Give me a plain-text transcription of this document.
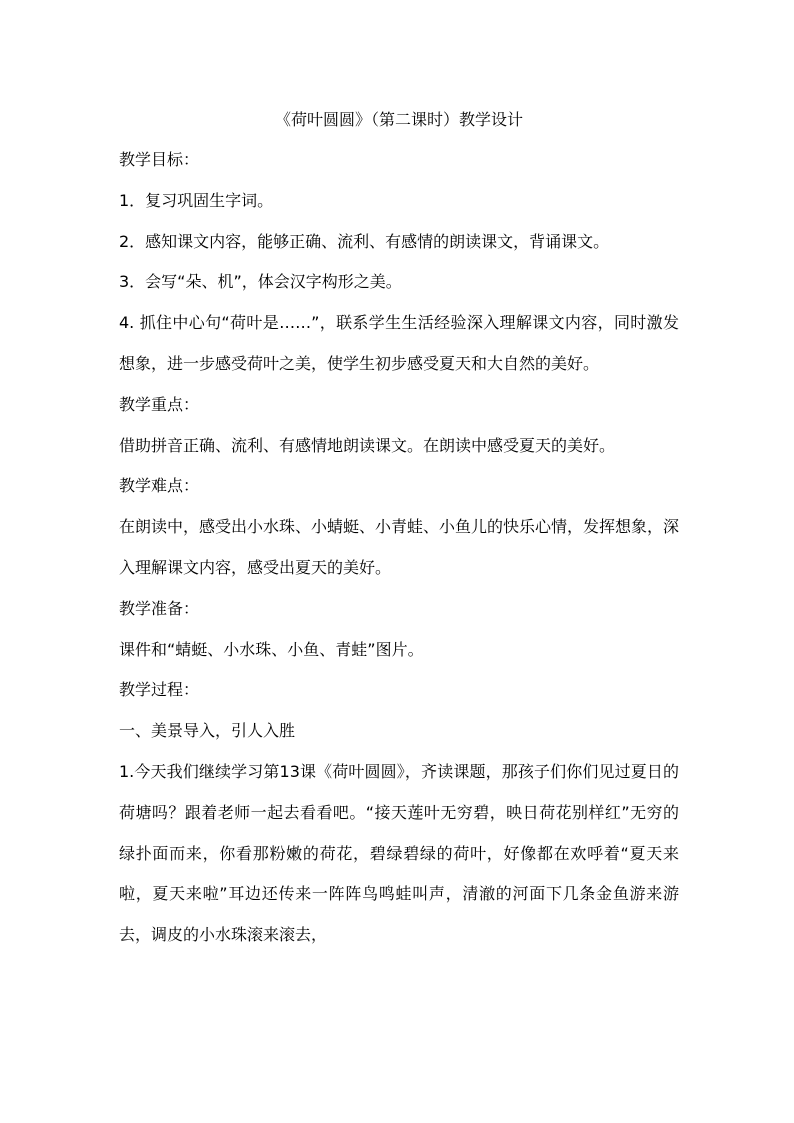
《荷叶圆圆》（第二课时）教学设计

教学目标：

1．复习巩固生字词。

2．感知课文内容，能够正确、流利、有感情的朗读课文，背诵课文。

3．会写“朵、机”，体会汉字构形之美。

4. 抓住中心句“荷叶是……”，联系学生生活经验深入理解课文内容，同时激发想象，进一步感受荷叶之美，使学生初步感受夏天和大自然的美好。

教学重点：

借助拼音正确、流利、有感情地朗读课文。在朗读中感受夏天的美好。

教学难点：

在朗读中，感受出小水珠、小蜻蜓、小青蛙、小鱼儿的快乐心情，发挥想象，深入理解课文内容，感受出夏天的美好。

教学准备：

课件和“蜻蜓、小水珠、小鱼、青蛙”图片。

教学过程：

一、美景导入，引人入胜

1.今天我们继续学习第13课《荷叶圆圆》，齐读课题，那孩子们你们见过夏日的荷塘吗？跟着老师一起去看看吧。“接天莲叶无穷碧，映日荷花别样红”无穷的绿扑面而来，你看那粉嫩的荷花，碧绿碧绿的荷叶，好像都在欢呼着“夏天来啦，夏天来啦”耳边还传来一阵阵鸟鸣蛙叫声，清澈的河面下几条金鱼游来游去，调皮的小水珠滚来滚去，
